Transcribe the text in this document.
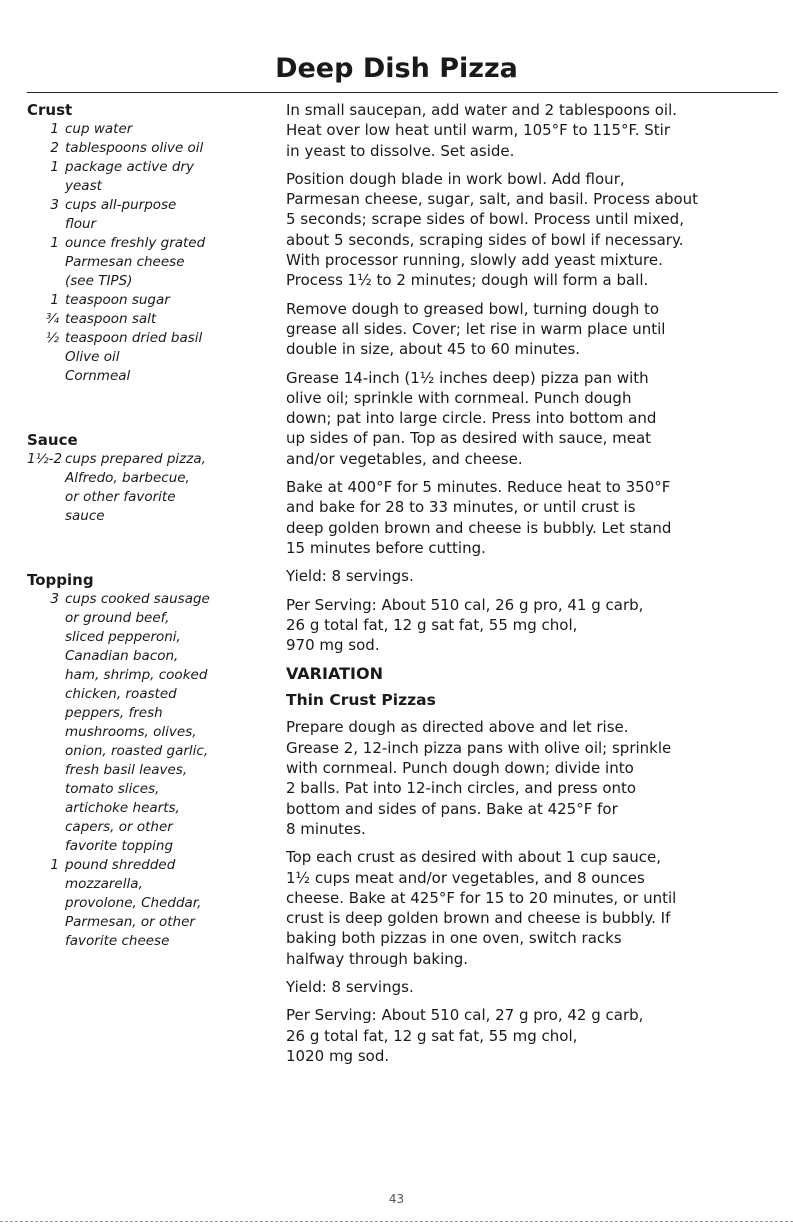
Deep Dish Pizza
Crust
1 cup water
2 tablespoons olive oil
1 package active dry
yeast
3 cups all-purpose
flour
1 ounce freshly grated
Parmesan cheese
(see TIPS)
1 teaspoon sugar
¾ teaspoon salt
½ teaspoon dried basil
Olive oil
Cornmeal
Sauce
1½-2 cups prepared pizza,
Alfredo, barbecue,
or other favorite
sauce
Topping
3 cups cooked sausage
or ground beef,
sliced pepperoni,
Canadian bacon,
ham, shrimp, cooked
chicken, roasted
peppers, fresh
mushrooms, olives,
onion, roasted garlic,
fresh basil leaves,
tomato slices,
artichoke hearts,
capers, or other
favorite topping
1 pound shredded
mozzarella,
provolone, Cheddar,
Parmesan, or other
favorite cheese

In small saucepan, add water and 2 tablespoons oil.
Heat over low heat until warm, 105°F to 115°F. Stir
in yeast to dissolve. Set aside.

Position dough blade in work bowl. Add flour,
Parmesan cheese, sugar, salt, and basil. Process about
5 seconds; scrape sides of bowl. Process until mixed,
about 5 seconds, scraping sides of bowl if necessary.
With processor running, slowly add yeast mixture.
Process 1½ to 2 minutes; dough will form a ball.

Remove dough to greased bowl, turning dough to
grease all sides. Cover; let rise in warm place until
double in size, about 45 to 60 minutes.

Grease 14-inch (1½ inches deep) pizza pan with
olive oil; sprinkle with cornmeal. Punch dough
down; pat into large circle. Press into bottom and
up sides of pan. Top as desired with sauce, meat
and/or vegetables, and cheese.

Bake at 400°F for 5 minutes. Reduce heat to 350°F
and bake for 28 to 33 minutes, or until crust is
deep golden brown and cheese is bubbly. Let stand
15 minutes before cutting.

Yield: 8 servings.

Per Serving: About 510 cal, 26 g pro, 41 g carb,
26 g total fat, 12 g sat fat, 55 mg chol,
970 mg sod.

VARIATION
Thin Crust Pizzas

Prepare dough as directed above and let rise.
Grease 2, 12-inch pizza pans with olive oil; sprinkle
with cornmeal. Punch dough down; divide into
2 balls. Pat into 12-inch circles, and press onto
bottom and sides of pans. Bake at 425°F for
8 minutes.

Top each crust as desired with about 1 cup sauce,
1½ cups meat and/or vegetables, and 8 ounces
cheese. Bake at 425°F for 15 to 20 minutes, or until
crust is deep golden brown and cheese is bubbly. If
baking both pizzas in one oven, switch racks
halfway through baking.

Yield: 8 servings.

Per Serving: About 510 cal, 27 g pro, 42 g carb,
26 g total fat, 12 g sat fat, 55 mg chol,
1020 mg sod.

43
